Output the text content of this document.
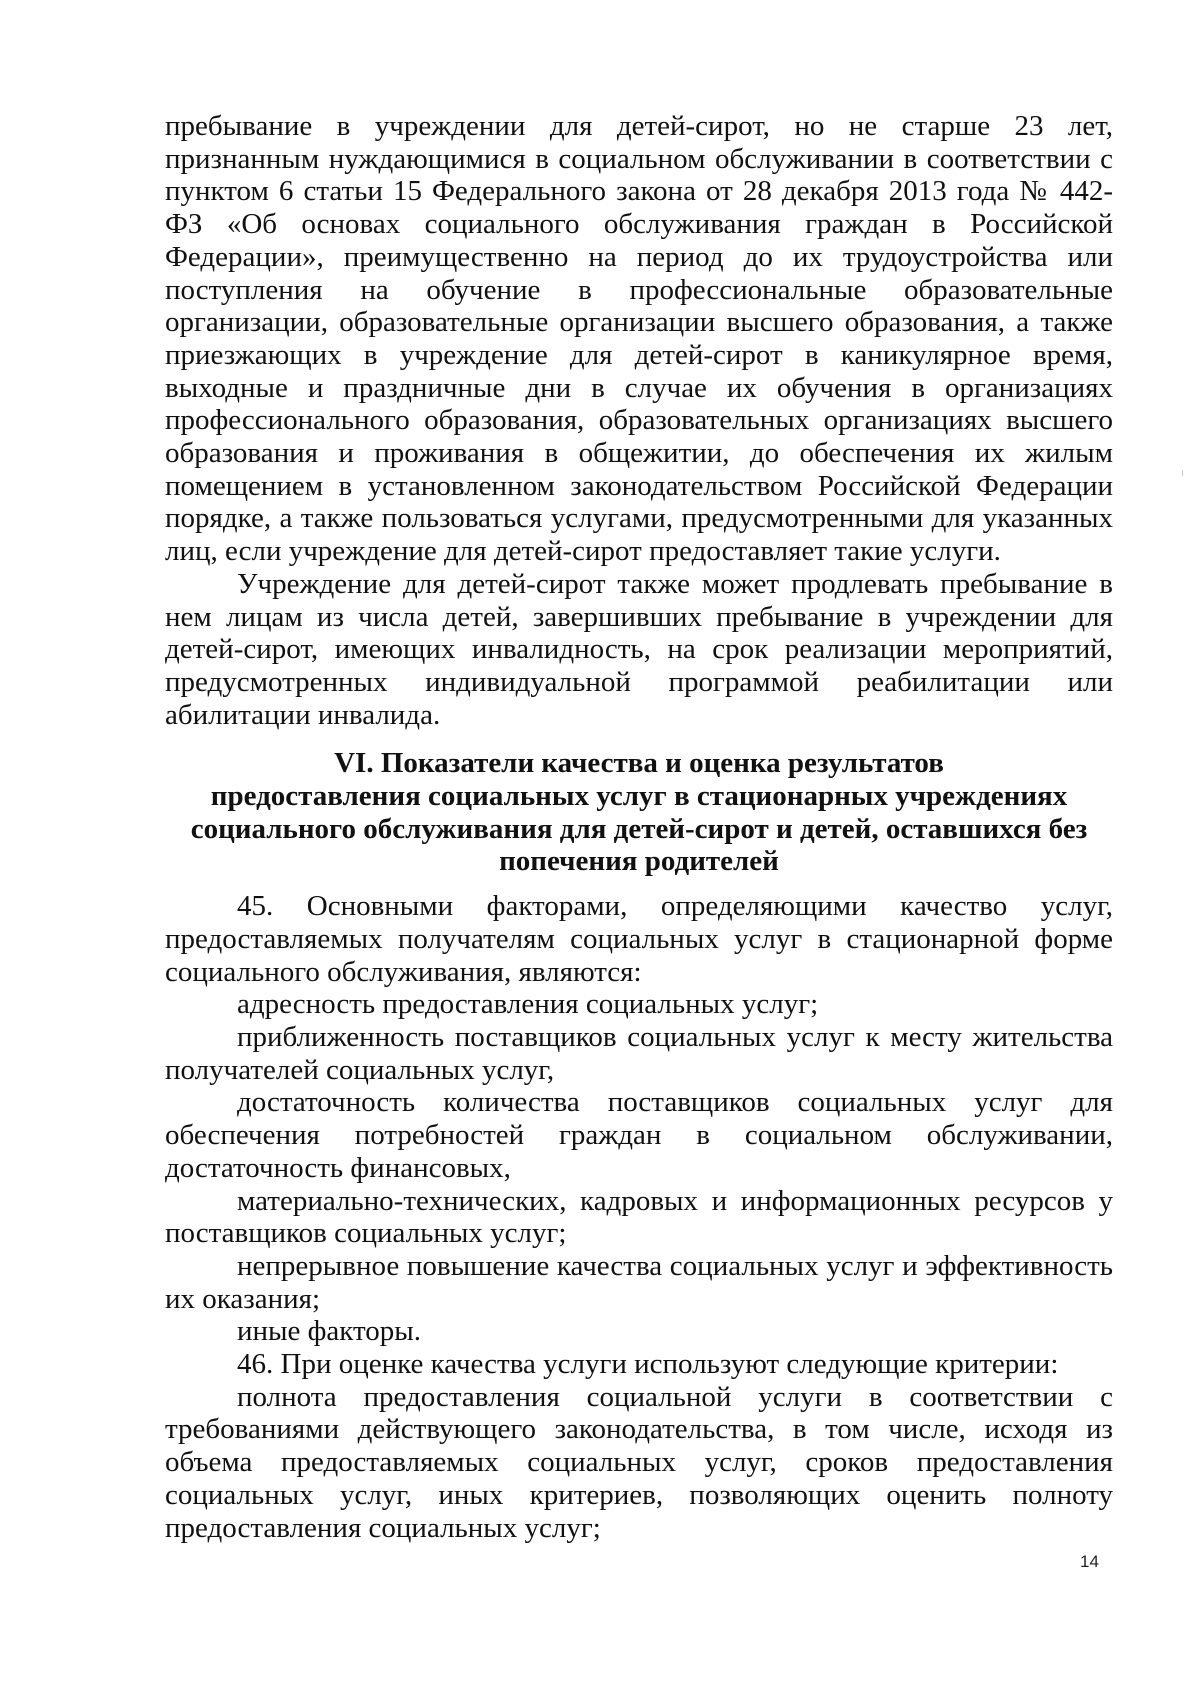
пребывание в учреждении для детей-сирот, но не старше 23 лет, признанным нуждающимися в социальном обслуживании в соответствии с пунктом 6 статьи 15 Федерального закона от 28 декабря 2013 года № 442-ФЗ «Об основах социального обслуживания граждан в Российской Федерации», преимущественно на период до их трудоустройства или поступления на обучение в профессиональные образовательные организации, образовательные организации высшего образования, а также приезжающих в учреждение для детей-сирот в каникулярное время, выходные и праздничные дни в случае их обучения в организациях профессионального образования, образовательных организациях высшего образования и проживания в общежитии, до обеспечения их жилым помещением в установленном законодательством Российской Федерации порядке, а также пользоваться услугами, предусмотренными для указанных лиц, если учреждение для детей-сирот предоставляет такие услуги.

Учреждение для детей-сирот также может продлевать пребывание в нем лицам из числа детей, завершивших пребывание в учреждении для детей-сирот, имеющих инвалидность, на срок реализации мероприятий, предусмотренных индивидуальной программой реабилитации или абилитации инвалида.

VI. Показатели качества и оценка результатов
предоставления социальных услуг в стационарных учреждениях
социального обслуживания для детей-сирот и детей, оставшихся без
попечения родителей

45. Основными факторами, определяющими качество услуг, предоставляемых получателям социальных услуг в стационарной форме социального обслуживания, являются:

адресность предоставления социальных услуг;

приближенность поставщиков социальных услуг к месту жительства получателей социальных услуг,

достаточность количества поставщиков социальных услуг для обеспечения потребностей граждан в социальном обслуживании, достаточность финансовых,

материально-технических, кадровых и информационных ресурсов у поставщиков социальных услуг;

непрерывное повышение качества социальных услуг и эффективность их оказания;

иные факторы.

46. При оценке качества услуги используют следующие критерии:

полнота предоставления социальной услуги в соответствии с требованиями действующего законодательства, в том числе, исходя из объема предоставляемых социальных услуг, сроков предоставления социальных услуг, иных критериев, позволяющих оценить полноту предоставления социальных услуг;

14
